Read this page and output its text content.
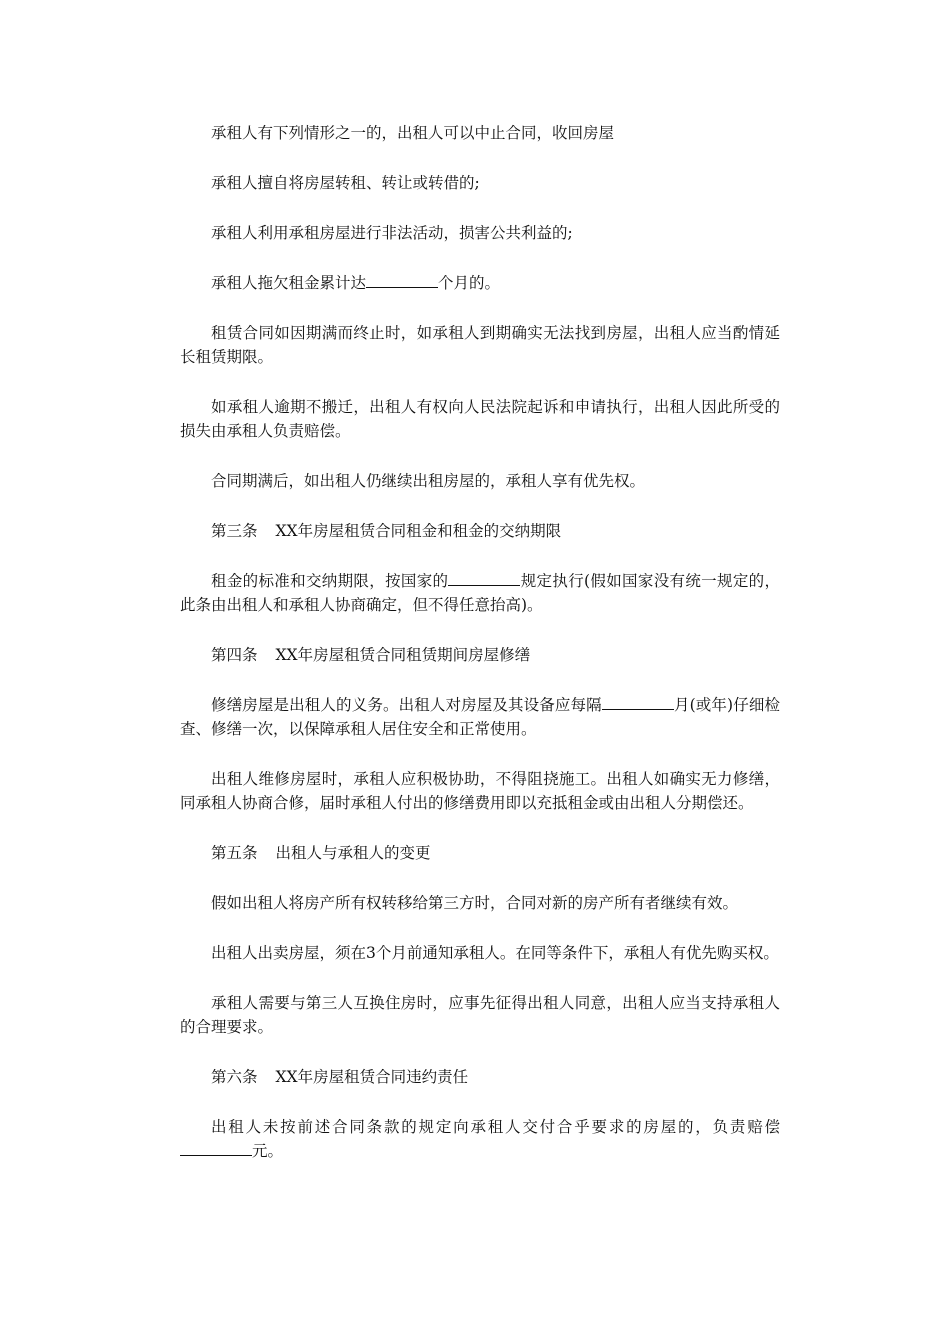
承租人有下列情形之一的，出租人可以中止合同，收回房屋

承租人擅自将房屋转租、转让或转借的;

承租人利用承租房屋进行非法活动，损害公共利益的;

承租人拖欠租金累计达	个月的。

租赁合同如因期满而终止时，如承租人到期确实无法找到房屋，出租人应当酌情延长租赁期限。

如承租人逾期不搬迁，出租人有权向人民法院起诉和申请执行，出租人因此所受的损失由承租人负责赔偿。

合同期满后，如出租人仍继续出租房屋的，承租人享有优先权。

第三条 XX年房屋租赁合同租金和租金的交纳期限

租金的标准和交纳期限，按国家的	规定执行(假如国家没有统一规定的，此条由出租人和承租人协商确定，但不得任意抬高)。

第四条 XX年房屋租赁合同租赁期间房屋修缮

修缮房屋是出租人的义务。出租人对房屋及其设备应每隔	月(或年)仔细检查、修缮一次，以保障承租人居住安全和正常使用。

出租人维修房屋时，承租人应积极协助，不得阻挠施工。出租人如确实无力修缮，同承租人协商合修，届时承租人付出的修缮费用即以充抵租金或由出租人分期偿还。

第五条 出租人与承租人的变更

假如出租人将房产所有权转移给第三方时，合同对新的房产所有者继续有效。

出租人出卖房屋，须在3个月前通知承租人。在同等条件下，承租人有优先购买权。

承租人需要与第三人互换住房时，应事先征得出租人同意，出租人应当支持承租人的合理要求。

第六条 XX年房屋租赁合同违约责任

出租人未按前述合同条款的规定向承租人交付合乎要求的房屋的，负责赔偿元。
